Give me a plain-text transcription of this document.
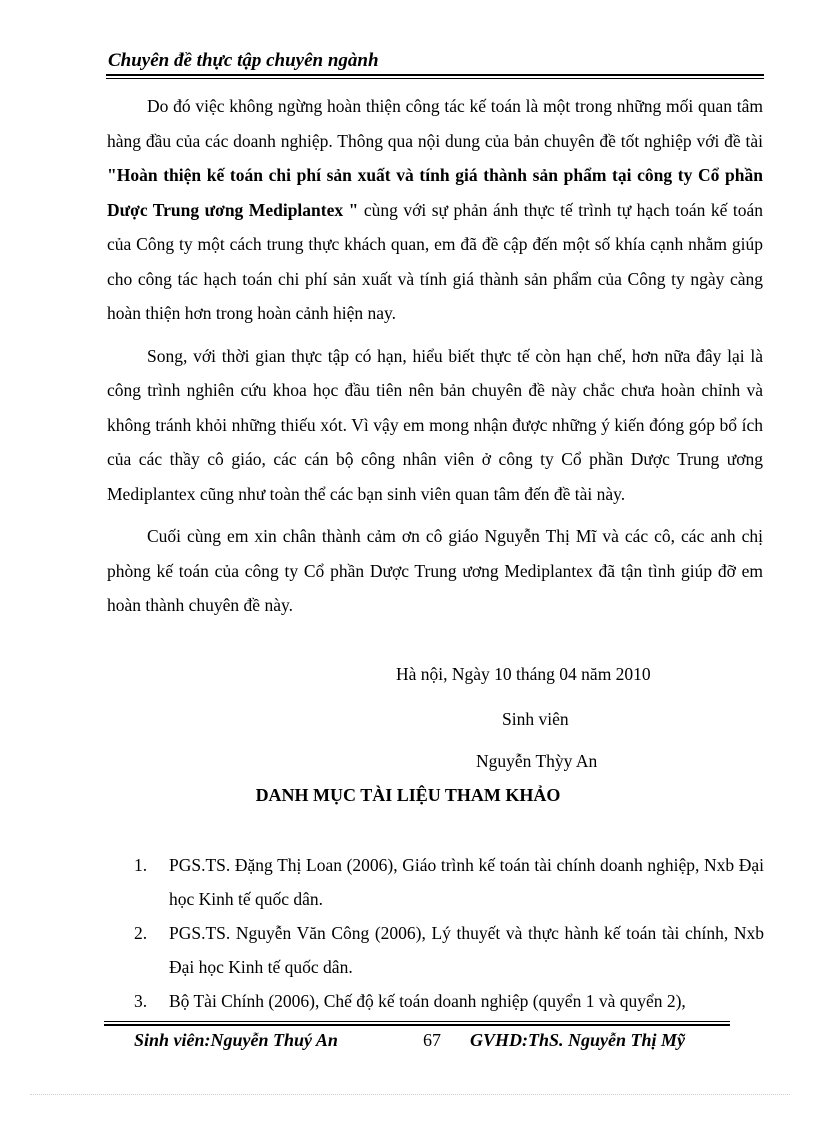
Chuyên đề thực tập chuyên ngành

Do đó việc không ngừng hoàn thiện công tác kế toán là một trong những mối quan tâm hàng đầu của các doanh nghiệp. Thông qua nội dung của bản chuyên đề tốt nghiệp với đề tài "Hoàn thiện kế toán chi phí sản xuất và tính giá thành sản phẩm tại công ty Cổ phần Dược Trung ương Mediplantex " cùng với sự phản ánh thực tế trình tự hạch toán kế toán của Công ty một cách trung thực khách quan, em đã đề cập đến một số khía cạnh nhằm giúp cho công tác hạch toán chi phí sản xuất và tính giá thành sản phẩm của Công ty ngày càng hoàn thiện hơn trong hoàn cảnh hiện nay.

Song, với thời gian thực tập có hạn, hiểu biết thực tế còn hạn chế, hơn nữa đây lại là công trình nghiên cứu khoa học đầu tiên nên bản chuyên đề này chắc chưa hoàn chỉnh và không tránh khỏi những thiếu xót. Vì vậy em mong nhận được những ý kiến đóng góp bổ ích của các thầy cô giáo, các cán bộ công nhân viên ở công ty Cổ phần Dược Trung ương Mediplantex cũng như toàn thể các bạn sinh viên quan tâm đến đề tài này.

Cuối cùng em xin chân thành cảm ơn cô giáo Nguyễn Thị Mĩ và các cô, các anh chị phòng kế toán của công ty Cổ phần Dược Trung ương Mediplantex đã tận tình giúp đỡ em hoàn thành chuyên đề này.

Hà nội, Ngày 10 tháng 04 năm 2010
Sinh viên
Nguyễn Thỳy An
DANH MỤC TÀI LIỆU THAM KHẢO
1.	PGS.TS. Đặng Thị Loan (2006), Giáo trình kế toán tài chính doanh nghiệp, Nxb Đại học Kinh tế quốc dân.
2.	PGS.TS. Nguyễn Văn Công (2006), Lý thuyết và thực hành kế toán tài chính, Nxb Đại học Kinh tế quốc dân.
3.	Bộ Tài Chính (2006), Chế độ kế toán doanh nghiệp (quyển 1 và quyển 2),
Sinh viên:Nguyễn Thuý An	67 GVHD:ThS. Nguyễn Thị Mỹ
